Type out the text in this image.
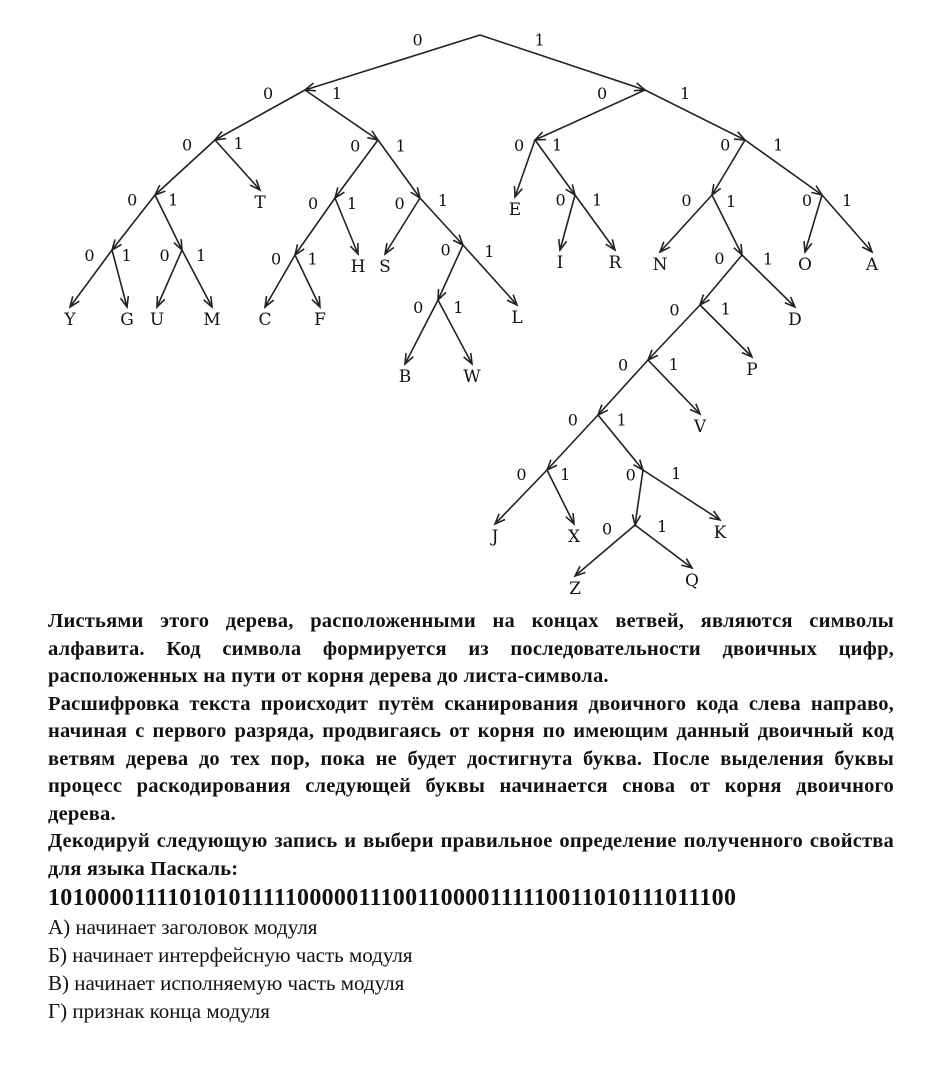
0	1
0	1
0	1
0 1
0 1 0 1
0 1
0 1
0 1
0 1
0 1
0 1
0	1
0 1
0 1
0	1
0 1
0 1
0	1
0	1
0 1
0 1	0 1
0	1
0 1
Y	G U M
T
C	F
H S
B	W
L
E
I	R N
D
P
V
J	X
Z	Q
K
O	A

Листьями этого дерева, расположенными на концах ветвей, являются символы алфавита. Код символа формируется из последовательности двоичных цифр, расположенных на пути от корня дерева до листа-символа.

Расшифровка текста происходит путём сканирования двоичного кода слева направо, начиная с первого разряда, продвигаясь от корня по имеющим данный двоичный код ветвям дерева до тех пор, пока не будет достигнута буква. После выделения буквы процесс раскодирования следующей буквы начинается снова от корня двоичного дерева.

Декодируй следующую запись и выбери правильное определение полученного свойства для языка Паскаль:

1010000111101010111110000011100110000111110011010111011100

А) начинает заголовок модуля

Б) начинает интерфейсную часть модуля

В) начинает исполняемую часть модуля

Г) признак конца модуля
